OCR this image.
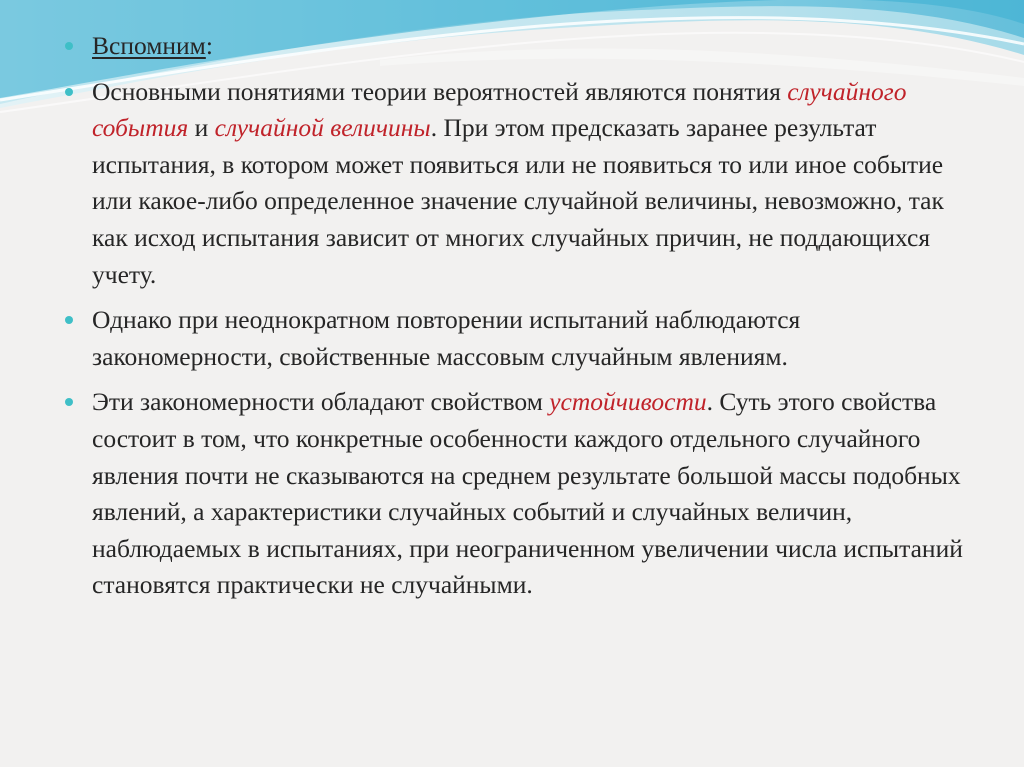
Вспомним:
Основными понятиями теории вероятностей являются понятия случайного события и случайной величины. При этом предсказать заранее результат испытания, в котором может появиться или не появиться то или иное событие или какое-либо определенное значение случайной величины, невозможно, так как исход испытания зависит от многих случайных причин, не поддающихся учету.
Однако при неоднократном повторении испытаний наблюдаются закономерности, свойственные массовым случайным явлениям.
Эти закономерности обладают свойством устойчивости. Суть этого свойства состоит в том, что конкретные особенности каждого отдельного случайного явления почти не сказываются на среднем результате большой массы подобных явлений, а характеристики случайных событий и случайных величин, наблюдаемых в испытаниях, при неограниченном увеличении числа испытаний становятся практически не случайными.
